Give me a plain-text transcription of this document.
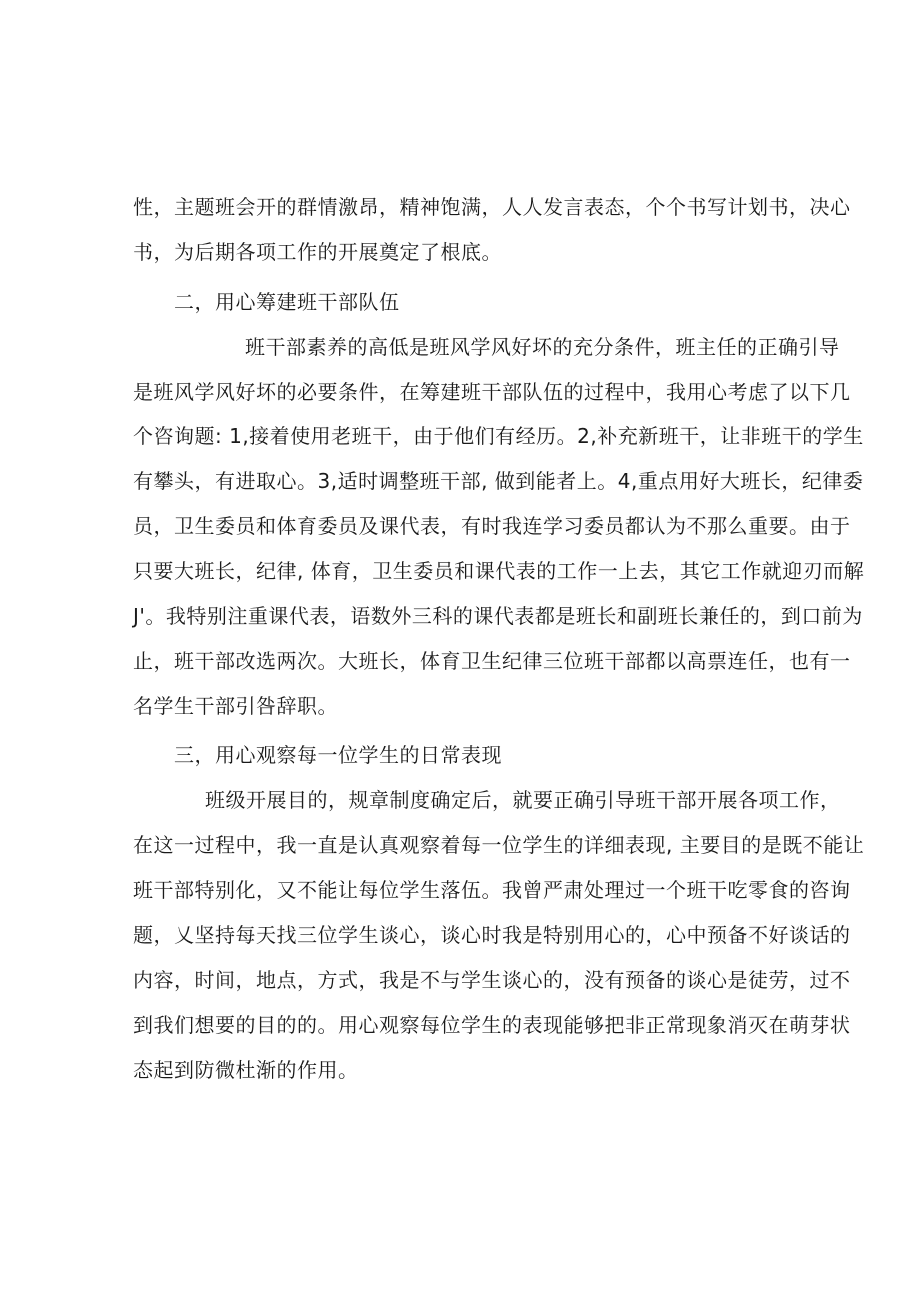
性，主题班会开的群情激昂，精神饱满，人人发言表态，个个书写计划书，决心

书，为后期各项工作的开展奠定了根底。

二，用心筹建班干部队伍

班干部素养的高低是班风学风好坏的充分条件，班主任的正确引导

是班风学风好坏的必要条件，在筹建班干部队伍的过程中，我用心考虑了以下几

个咨询题: 1,接着使用老班干，由于他们有经历。2,补充新班干，让非班干的学生

有攀头，有进取心。3,适时调整班干部, 做到能者上。4,重点用好大班长，纪律委

员，卫生委员和体育委员及课代表，有时我连学习委员都认为不那么重要。由于

只要大班长，纪律, 体育，卫生委员和课代表的工作一上去，其它工作就迎刃而解

J'。我特别注重课代表，语数外三科的课代表都是班长和副班长兼任的，到口前为

止，班干部改选两次。大班长，体育卫生纪律三位班干部都以高票连任，也有一

名学生干部引咎辞职。

三，用心观察每一位学生的日常表现

班级开展目的，规章制度确定后，就要正确引导班干部开展各项工作，

在这一过程中，我一直是认真观察着每一位学生的详细表现, 主要目的是既不能让

班干部特别化，又不能让每位学生落伍。我曾严肃处理过一个班干吃零食的咨询

题，乂坚持每天找三位学生谈心，谈心时我是特别用心的，心中预备不好谈话的

内容，时间，地点，方式，我是不与学生谈心的，没有预备的谈心是徒劳，过不

到我们想要的目的的。用心观察每位学生的表现能够把非正常现象消灭在萌芽状

态起到防微杜渐的作用。
